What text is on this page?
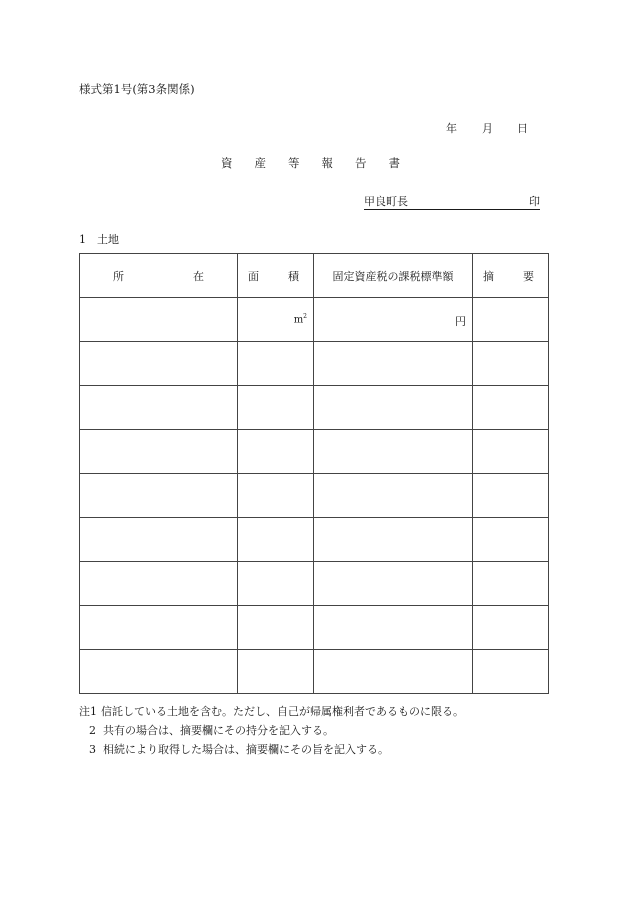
様式第1号(第3条関係)
年 月 日
資 産 等 報 告 書
甲良町長	印
1 土地
所 在	面 積	固定資産税の課税標準額	摘 要

	$m^2$	円	

注1 信託している土地を含む。ただし、自己が帰属権利者であるものに限る。
2 共有の場合は、摘要欄にその持分を記入する。
3 相続により取得した場合は、摘要欄にその旨を記入する。
